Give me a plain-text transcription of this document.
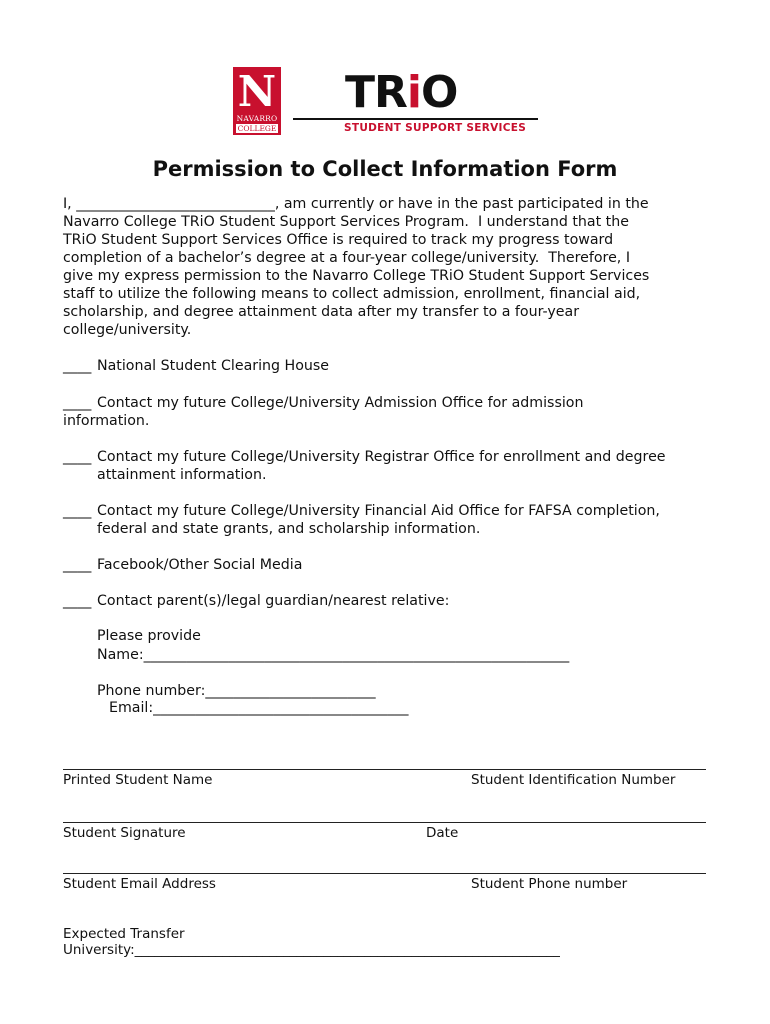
N
NAVARRO
COLLEGE
TRiO
STUDENT SUPPORT SERVICES
Permission to Collect Information Form
I, ____________________________, am currently or have in the past participated in the
Navarro College TRiO Student Support Services Program.  I understand that the
TRiO Student Support Services Office is required to track my progress toward
completion of a bachelor’s degree at a four-year college/university.  Therefore, I
give my express permission to the Navarro College TRiO Student Support Services
staff to utilize the following means to collect admission, enrollment, financial aid,
scholarship, and degree attainment data after my transfer to a four-year
college/university.
____ National Student Clearing House
____ Contact my future College/University Admission Office for admission
information.
____ Contact my future College/University Registrar Office for enrollment and degree
attainment information.
____ Contact my future College/University Financial Aid Office for FAFSA completion,
federal and state grants, and scholarship information.
____ Facebook/Other Social Media
____ Contact parent(s)/legal guardian/nearest relative:
Please provide
Name:____________________________________________________________
Phone number:________________________
Email:____________________________________
Printed Student Name	Student Identification Number
Student Signature	Date
Student Email Address	Student Phone number
Expected Transfer
University:_______________________________________________________________
